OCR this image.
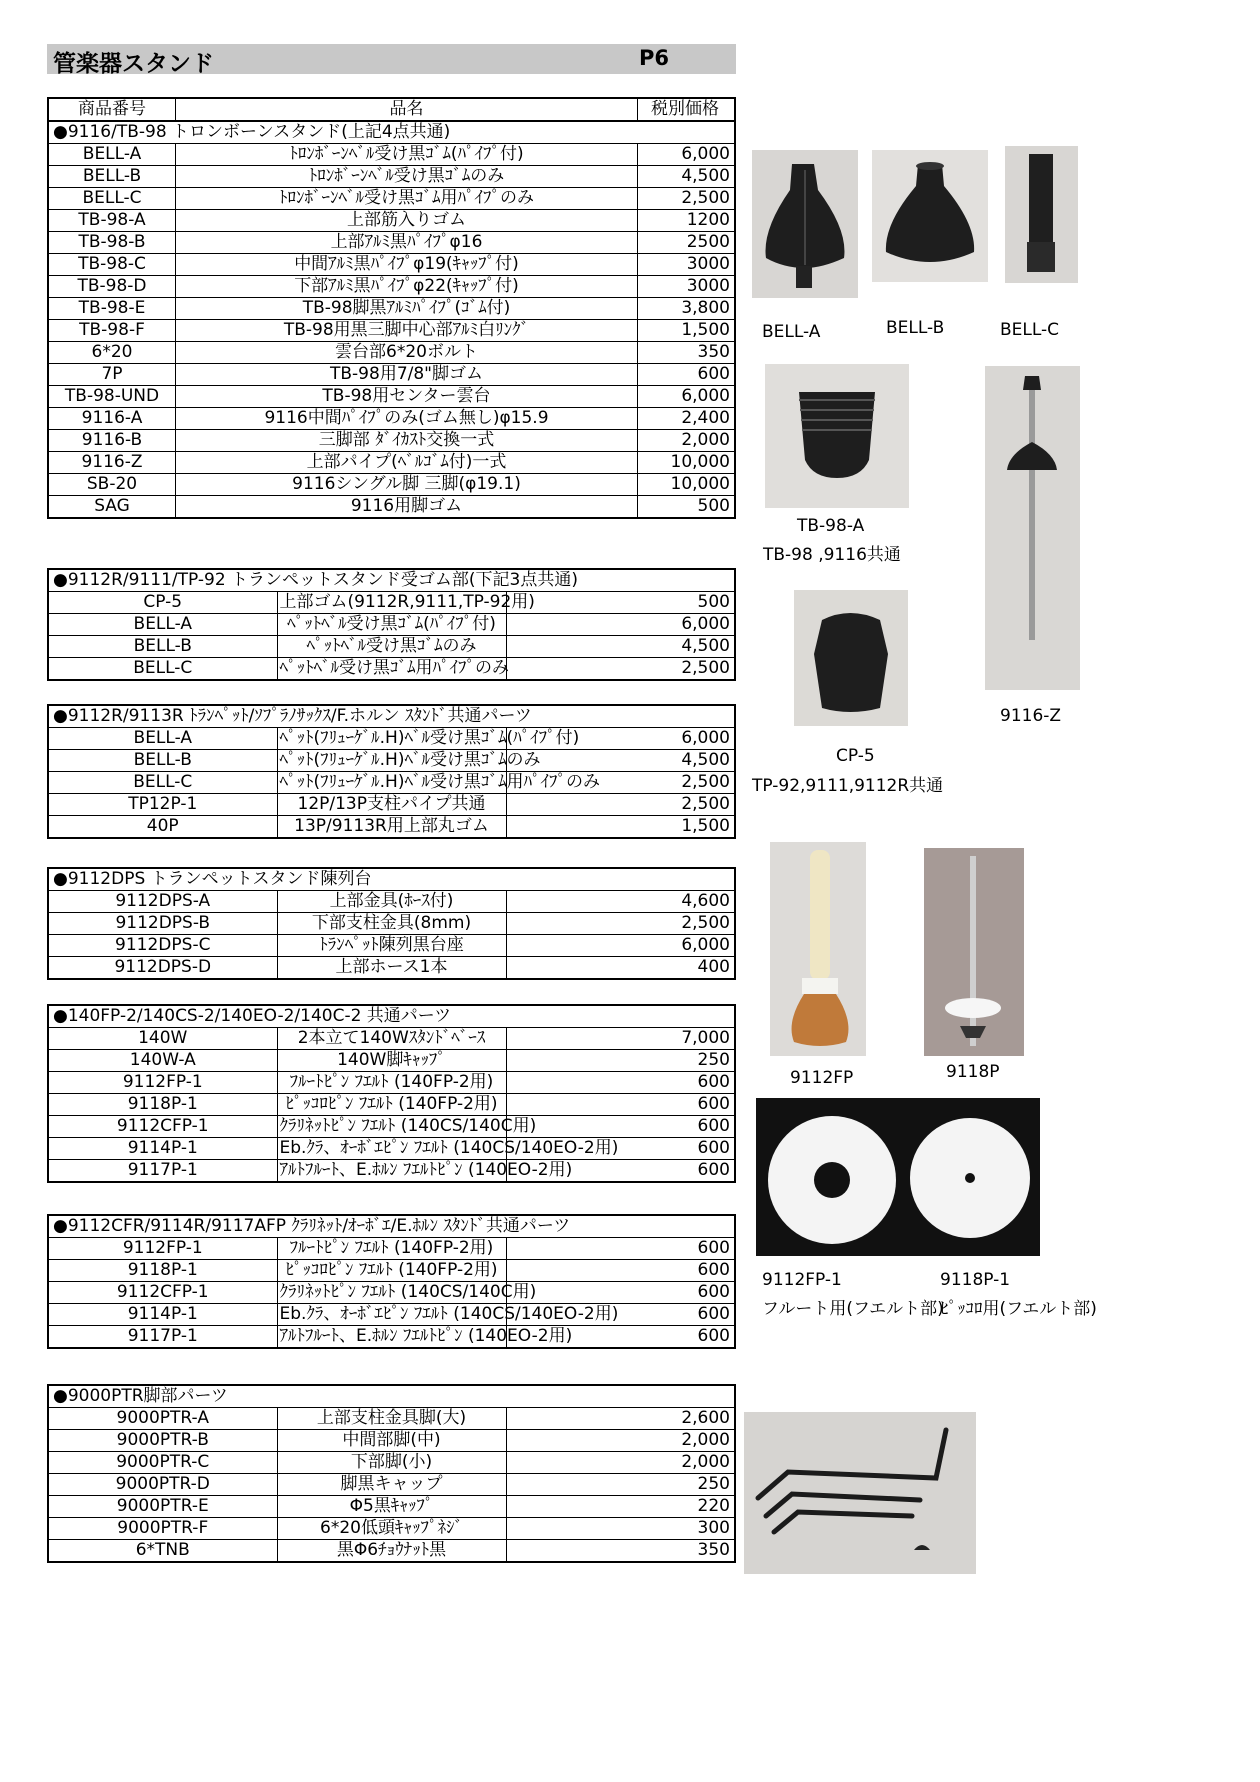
管楽器スタンド	P6
商品番号	品名	税別価格
●9116/TB-98 トロンボーンスタンド(上記4点共通)		
BELL-A	ﾄﾛﾝﾎﾞｰﾝﾍﾞﾙ受け黒ｺﾞﾑ(ﾊﾟｲﾌﾟ付)	6,000
BELL-B	ﾄﾛﾝﾎﾞｰﾝﾍﾞﾙ受け黒ｺﾞﾑのみ	4,500
BELL-C	ﾄﾛﾝﾎﾞｰﾝﾍﾞﾙ受け黒ｺﾞﾑ用ﾊﾟｲﾌﾟのみ	2,500
TB-98-A	上部筋入りゴム	1200
TB-98-B	上部ｱﾙﾐ黒ﾊﾟｲﾌﾟφ16	2500
TB-98-C	中間ｱﾙﾐ黒ﾊﾟｲﾌﾟφ19(ｷｬｯﾌﾟ付)	3000
TB-98-D	下部ｱﾙﾐ黒ﾊﾟｲﾌﾟφ22(ｷｬｯﾌﾟ付)	3000
TB-98-E	TB-98脚黒ｱﾙﾐﾊﾟｲﾌﾟ(ｺﾞﾑ付)	3,800
TB-98-F	TB-98用黒三脚中心部ｱﾙﾐ白ﾘﾝｸﾞ	1,500
6*20	雲台部6*20ボルト	350
7P	TB-98用7/8"脚ゴム	600
TB-98-UND	TB-98用センター雲台	6,000
9116-A	9116中間ﾊﾟｲﾌﾟのみ(ゴム無し)φ15.9	2,400
9116-B	三脚部 ﾀﾞｲｶｽﾄ交換一式	2,000
9116-Z	上部パイプ(ﾍﾞﾙｺﾞﾑ付)一式	10,000
SB-20	9116シングル脚 三脚(φ19.1)	10,000
SAG	9116用脚ゴム	500
●9112R/9111/TP-92 トランペットスタンド受ゴム部(下記3点共通)		
CP-5	上部ゴム(9112R,9111,TP-92用)	500
BELL-A	ﾍﾟｯﾄﾍﾞﾙ受け黒ｺﾞﾑ(ﾊﾟｲﾌﾟ付)	6,000
BELL-B	ﾍﾟｯﾄﾍﾞﾙ受け黒ｺﾞﾑのみ	4,500
BELL-C	ﾍﾟｯﾄﾍﾞﾙ受け黒ｺﾞﾑ用ﾊﾟｲﾌﾟのみ	2,500
●9112R/9113R ﾄﾗﾝﾍﾟｯﾄ/ｿﾌﾟﾗﾉｻｯｸｽ/F.ホルン ｽﾀﾝﾄﾞ共通パーツ		
BELL-A	ﾍﾟｯﾄ(ﾌﾘｭｰｹﾞﾙ.H)ﾍﾞﾙ受け黒ｺﾞﾑ(ﾊﾟｲﾌﾟ付)	6,000
BELL-B	ﾍﾟｯﾄ(ﾌﾘｭｰｹﾞﾙ.H)ﾍﾞﾙ受け黒ｺﾞﾑのみ	4,500
BELL-C	ﾍﾟｯﾄ(ﾌﾘｭｰｹﾞﾙ.H)ﾍﾞﾙ受け黒ｺﾞﾑ用ﾊﾟｲﾌﾟのみ	2,500
TP12P-1	12P/13P支柱パイプ共通	2,500
40P	13P/9113R用上部丸ゴム	1,500
●9112DPS トランペットスタンド陳列台		
9112DPS-A	上部金具(ﾎｰｽ付)	4,600
9112DPS-B	下部支柱金具(8mm)	2,500
9112DPS-C	ﾄﾗﾝﾍﾟｯﾄ陳列黒台座	6,000
9112DPS-D	上部ホース1本	400
●140FP-2/140CS-2/140EO-2/140C-2 共通パーツ		
140W	2本立て140Wｽﾀﾝﾄﾞﾍﾞｰｽ	7,000
140W-A	140W脚ｷｬｯﾌﾟ	250
9112FP-1	ﾌﾙｰﾄﾋﾟﾝ ﾌｴﾙﾄ (140FP-2用)	600
9118P-1	ﾋﾟｯｺﾛﾋﾟﾝ ﾌｴﾙﾄ (140FP-2用)	600
9112CFP-1	ｸﾗﾘﾈｯﾄﾋﾟﾝ ﾌｴﾙﾄ (140CS/140C用)	600
9114P-1	Eb.ｸﾗ、ｵｰﾎﾞｴﾋﾟﾝ ﾌｴﾙﾄ (140CS/140EO-2用)	600
9117P-1	ｱﾙﾄﾌﾙｰﾄ、E.ﾎﾙﾝ ﾌｴﾙﾄﾋﾟﾝ (140EO-2用)	600
●9112CFR/9114R/9117AFP ｸﾗﾘﾈｯﾄ/ｵｰﾎﾞｴ/E.ﾎﾙﾝ ｽﾀﾝﾄﾞ共通パーツ		
9112FP-1	ﾌﾙｰﾄﾋﾟﾝ ﾌｴﾙﾄ (140FP-2用)	600
9118P-1	ﾋﾟｯｺﾛﾋﾟﾝ ﾌｴﾙﾄ (140FP-2用)	600
9112CFP-1	ｸﾗﾘﾈｯﾄﾋﾟﾝ ﾌｴﾙﾄ (140CS/140C用)	600
9114P-1	Eb.ｸﾗ、ｵｰﾎﾞｴﾋﾟﾝ ﾌｴﾙﾄ (140CS/140EO-2用)	600
9117P-1	ｱﾙﾄﾌﾙｰﾄ、E.ﾎﾙﾝ ﾌｴﾙﾄﾋﾟﾝ (140EO-2用)	600
●9000PTR脚部パーツ		
9000PTR-A	上部支柱金具脚(大)	2,600
9000PTR-B	中間部脚(中)	2,000
9000PTR-C	下部脚(小)	2,000
9000PTR-D	脚黒キャップ	250
9000PTR-E	Φ5黒ｷｬｯﾌﾟ	220
9000PTR-F	6*20低頭ｷｬｯﾌﾟﾈｼﾞ	300
6*TNB	黒Φ6ﾁｮｳﾅｯﾄ黒	350
BELL-A	BELL-B	BELL-C
TB-98-A
TB-98 ,9116共通
9116-Z
CP-5
TP-92,9111,9112R共通
9112FP	9118P
9112FP-1
フルート用(フエルト部)
9118P-1
ﾋﾟｯｺﾛ用(フエルト部)
